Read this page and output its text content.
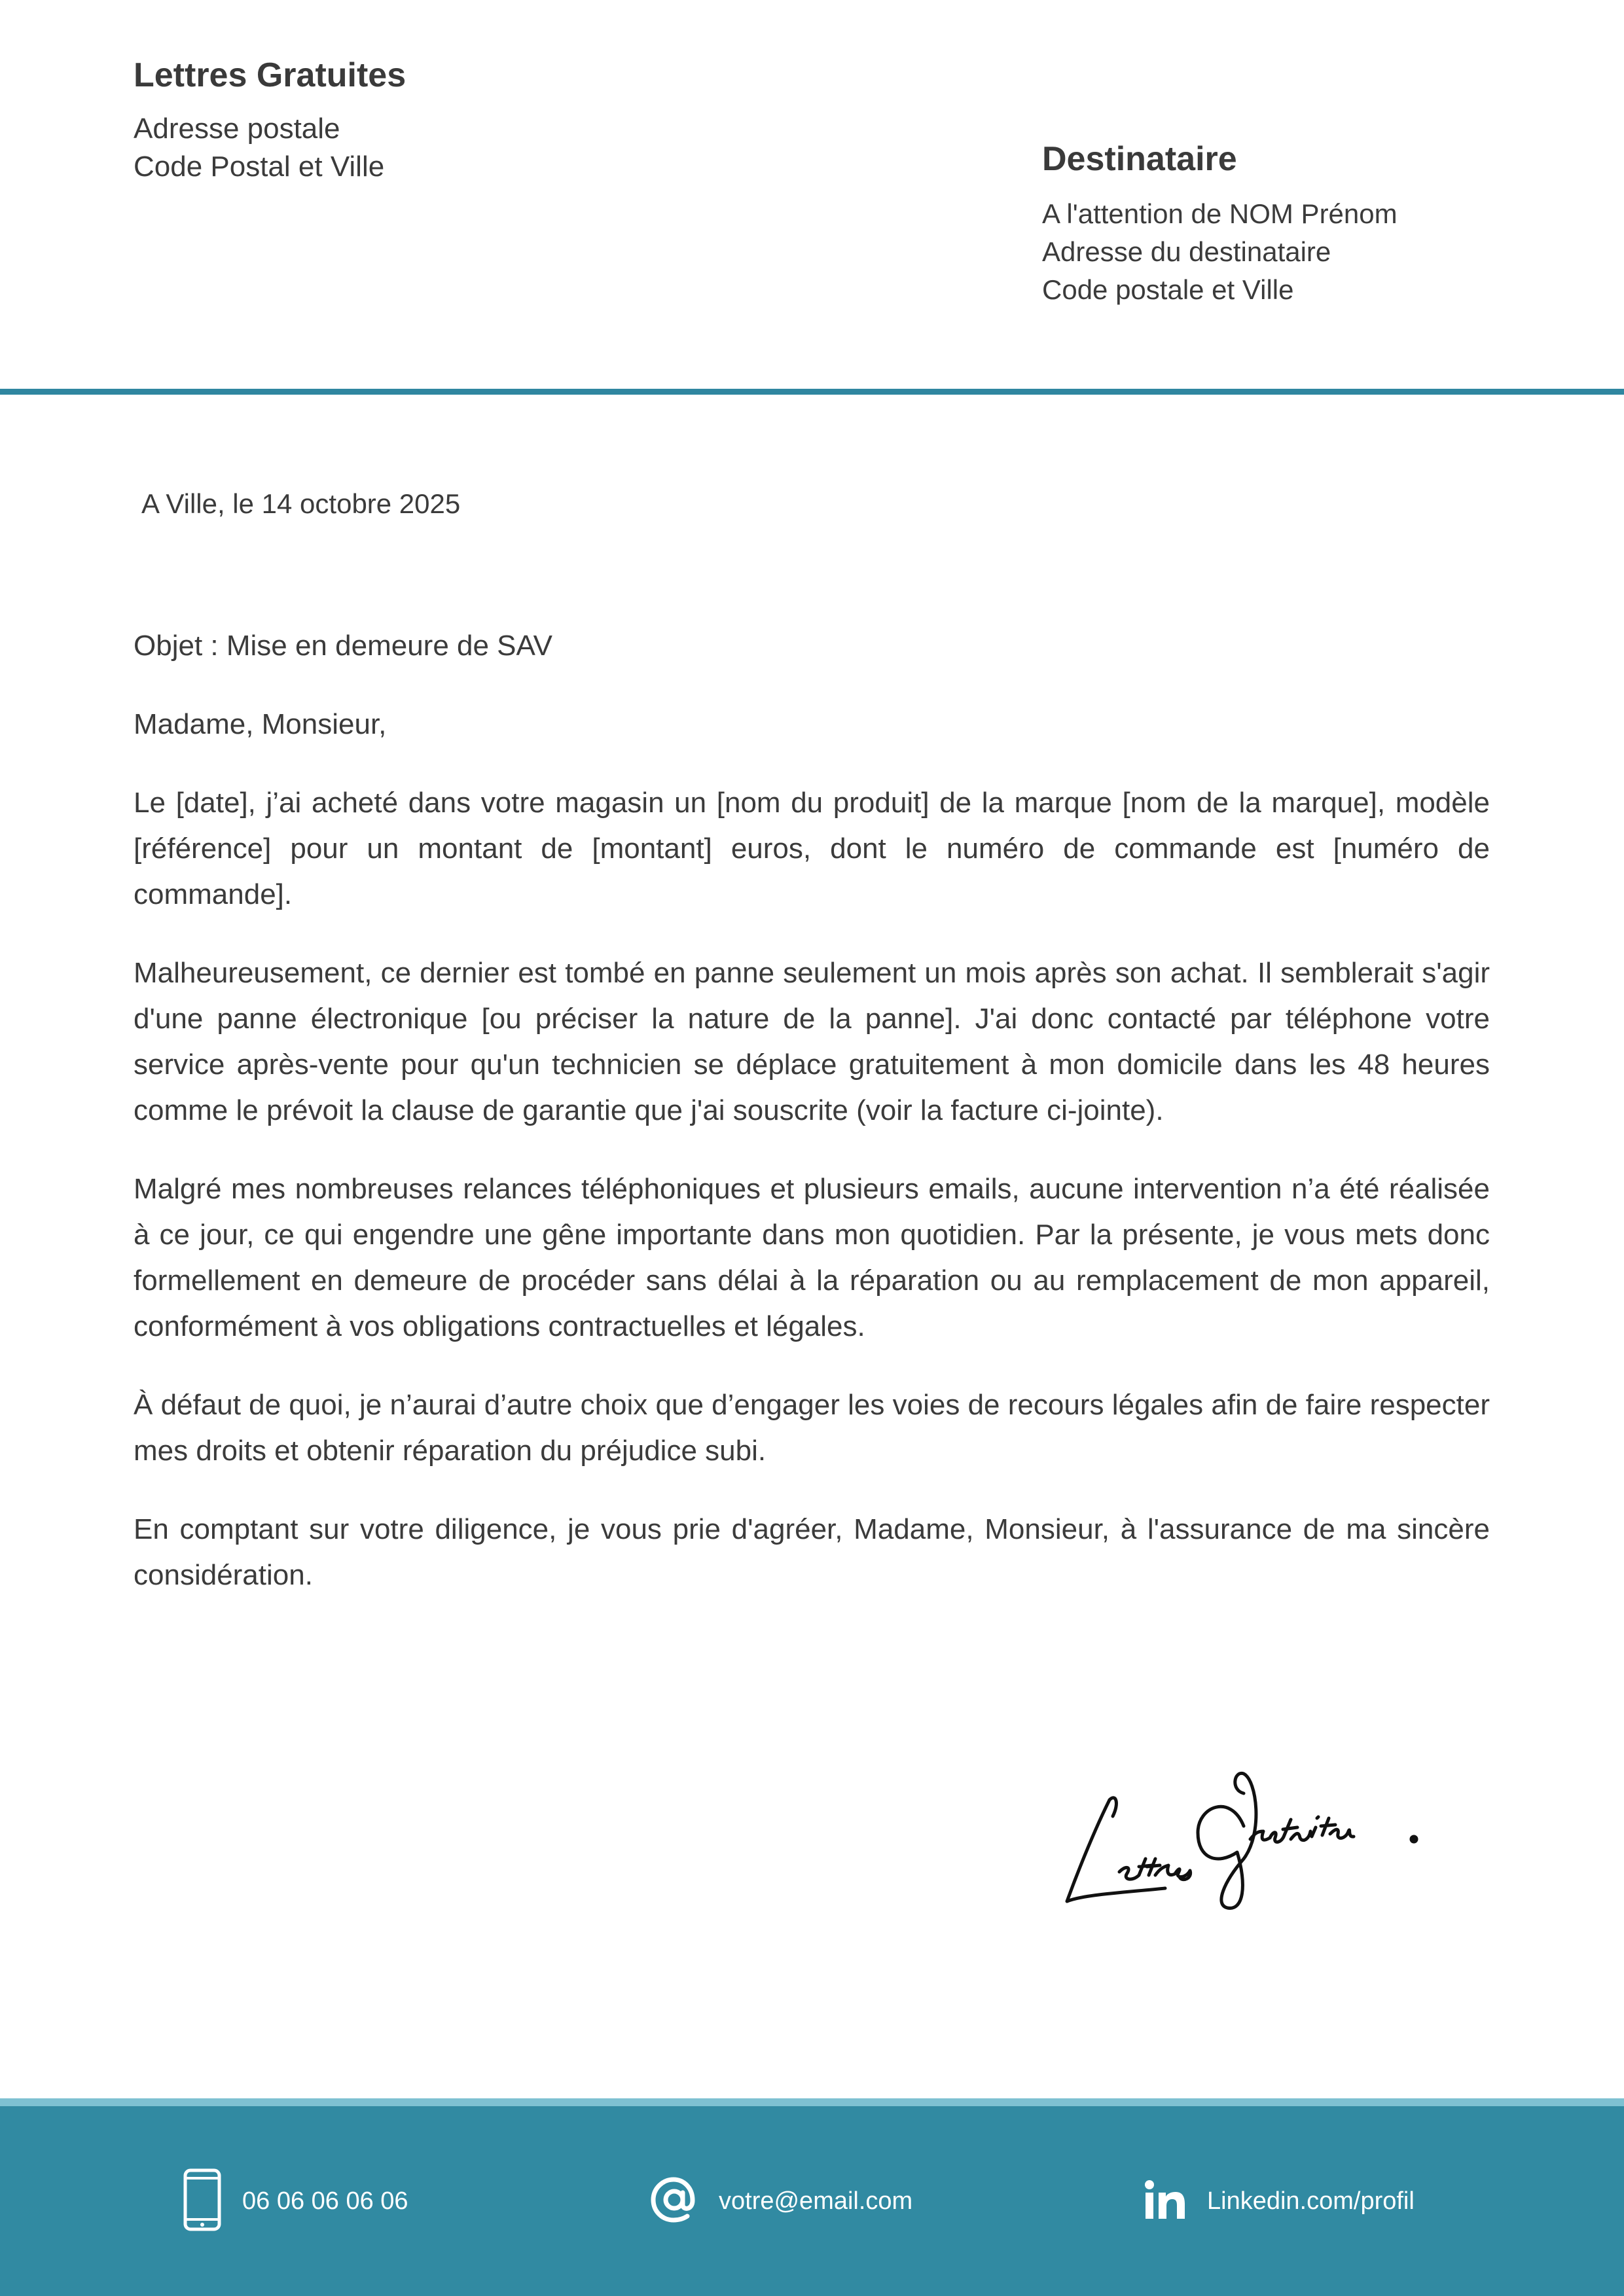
Lettres Gratuites
Adresse postale
Code Postal et Ville	Destinataire
A l'attention de NOM Prénom
Adresse du destinataire
Code postale et Ville
A Ville, le 14 octobre 2025

Objet : Mise en demeure de SAV

Madame, Monsieur,

Le [date], j’ai acheté dans votre magasin un [nom du produit] de la marque [nom de la marque], modèle [référence] pour un montant de [montant] euros, dont le numéro de commande est [numéro de commande].

Malheureusement, ce dernier est tombé en panne seulement un mois après son achat. Il semblerait s'agir d'une panne électronique [ou préciser la nature de la panne]. J'ai donc contacté par téléphone votre service après-vente pour qu'un technicien se déplace gratuitement à mon domicile dans les 48 heures comme le prévoit la clause de garantie que j'ai souscrite (voir la facture ci-jointe).

Malgré mes nombreuses relances téléphoniques et plusieurs emails, aucune intervention n’a été réalisée à ce jour, ce qui engendre une gêne importante dans mon quotidien. Par la présente, je vous mets donc formellement en demeure de procéder sans délai à la réparation ou au remplacement de mon appareil, conformément à vos obligations contractuelles et légales.

À défaut de quoi, je n’aurai d’autre choix que d’engager les voies de recours légales afin de faire respecter mes droits et obtenir réparation du préjudice subi.

En comptant sur votre diligence, je vous prie d'agréer, Madame, Monsieur, à l'assurance de ma sincère considération.

06 06 06 06 06	votre@email.com	Linkedin.com/profil
